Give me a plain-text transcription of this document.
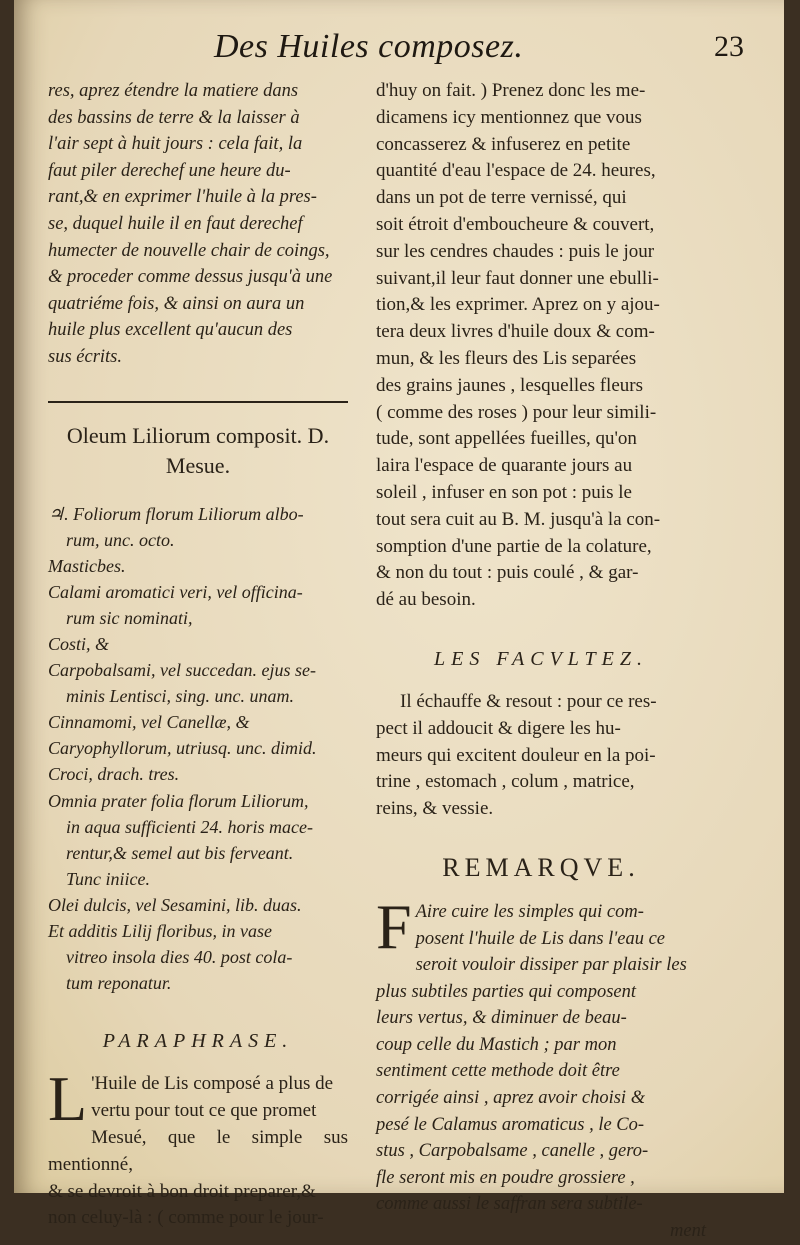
Des Huiles composez.	23

res, aprez étendre la matiere dans

des bassins de terre & la laisser à

l'air sept à huit jours : cela fait, la

faut piler derechef une heure du-

rant,& en exprimer l'huile à la pres-

se, duquel huile il en faut derechef

humecter de nouvelle chair de coings,

& proceder comme dessus jusqu'à une

quatriéme fois, & ainsi on aura un

huile plus excellent qu'aucun des

sus écrits.

Oleum Liliorum composit. D.
Mesue.
♃. Foliorum florum Liliorum albo-
rum, unc. octo.
Masticbes.
Calami aromatici veri, vel officina-
rum sic nominati,
Costi, &
Carpobalsami, vel succedan. ejus se-
minis Lentisci, sing. unc. unam.
Cinnamomi, vel Canellæ, &
Caryophyllorum, utriusq. unc. dimid.
Croci, drach. tres.
Omnia prater folia florum Liliorum,
in aqua sufficienti 24. horis mace-
rentur,& semel aut bis ferveant.
Tunc iniice.
Olei dulcis, vel Sesamini, lib. duas.
Et additis Lilij floribus, in vase
vitreo insola dies 40. post cola-
tum reponatur.
PARAPHRASE.
L 'Huile de Lis composé a plus de

vertu pour tout ce que promet

Mesué, que le simple sus mentionné,

& se devroit à bon droit preparer,&

non celuy-là : ( comme pour le jour-

d'huy on fait. ) Prenez donc les me-

dicamens icy mentionnez que vous

concasserez & infuserez en petite

quantité d'eau l'espace de 24. heures,

dans un pot de terre vernissé, qui

soit étroit d'emboucheure & couvert,

sur les cendres chaudes : puis le jour

suivant,il leur faut donner une ebulli-

tion,& les exprimer. Aprez on y ajou-

tera deux livres d'huile doux & com-

mun, & les fleurs des Lis separées

des grains jaunes , lesquelles fleurs

( comme des roses ) pour leur simili-

tude, sont appellées fueilles, qu'on

laira l'espace de quarante jours au

soleil , infuser en son pot : puis le

tout sera cuit au B. M. jusqu'à la con-

somption d'une partie de la colature,

& non du tout : puis coulé , & gar-

dé au besoin.

LES FACVLTEZ.

Il échauffe & resout : pour ce res-

pect il addoucit & digere les hu-

meurs qui excitent douleur en la poi-

trine , estomach , colum , matrice,

reins, & vessie.

REMARQVE.
F Aire cuire les simples qui com-

posent l'huile de Lis dans l'eau ce

seroit vouloir dissiper par plaisir les

plus subtiles parties qui composent

leurs vertus, & diminuer de beau-

coup celle du Mastich ; par mon

sentiment cette methode doit être

corrigée ainsi , aprez avoir choisi &

pesé le Calamus aromaticus , le Co-

stus , Carpobalsame , canelle , gero-

fle seront mis en poudre grossiere ,

comme aussi le saffran sera subtile-

ment
